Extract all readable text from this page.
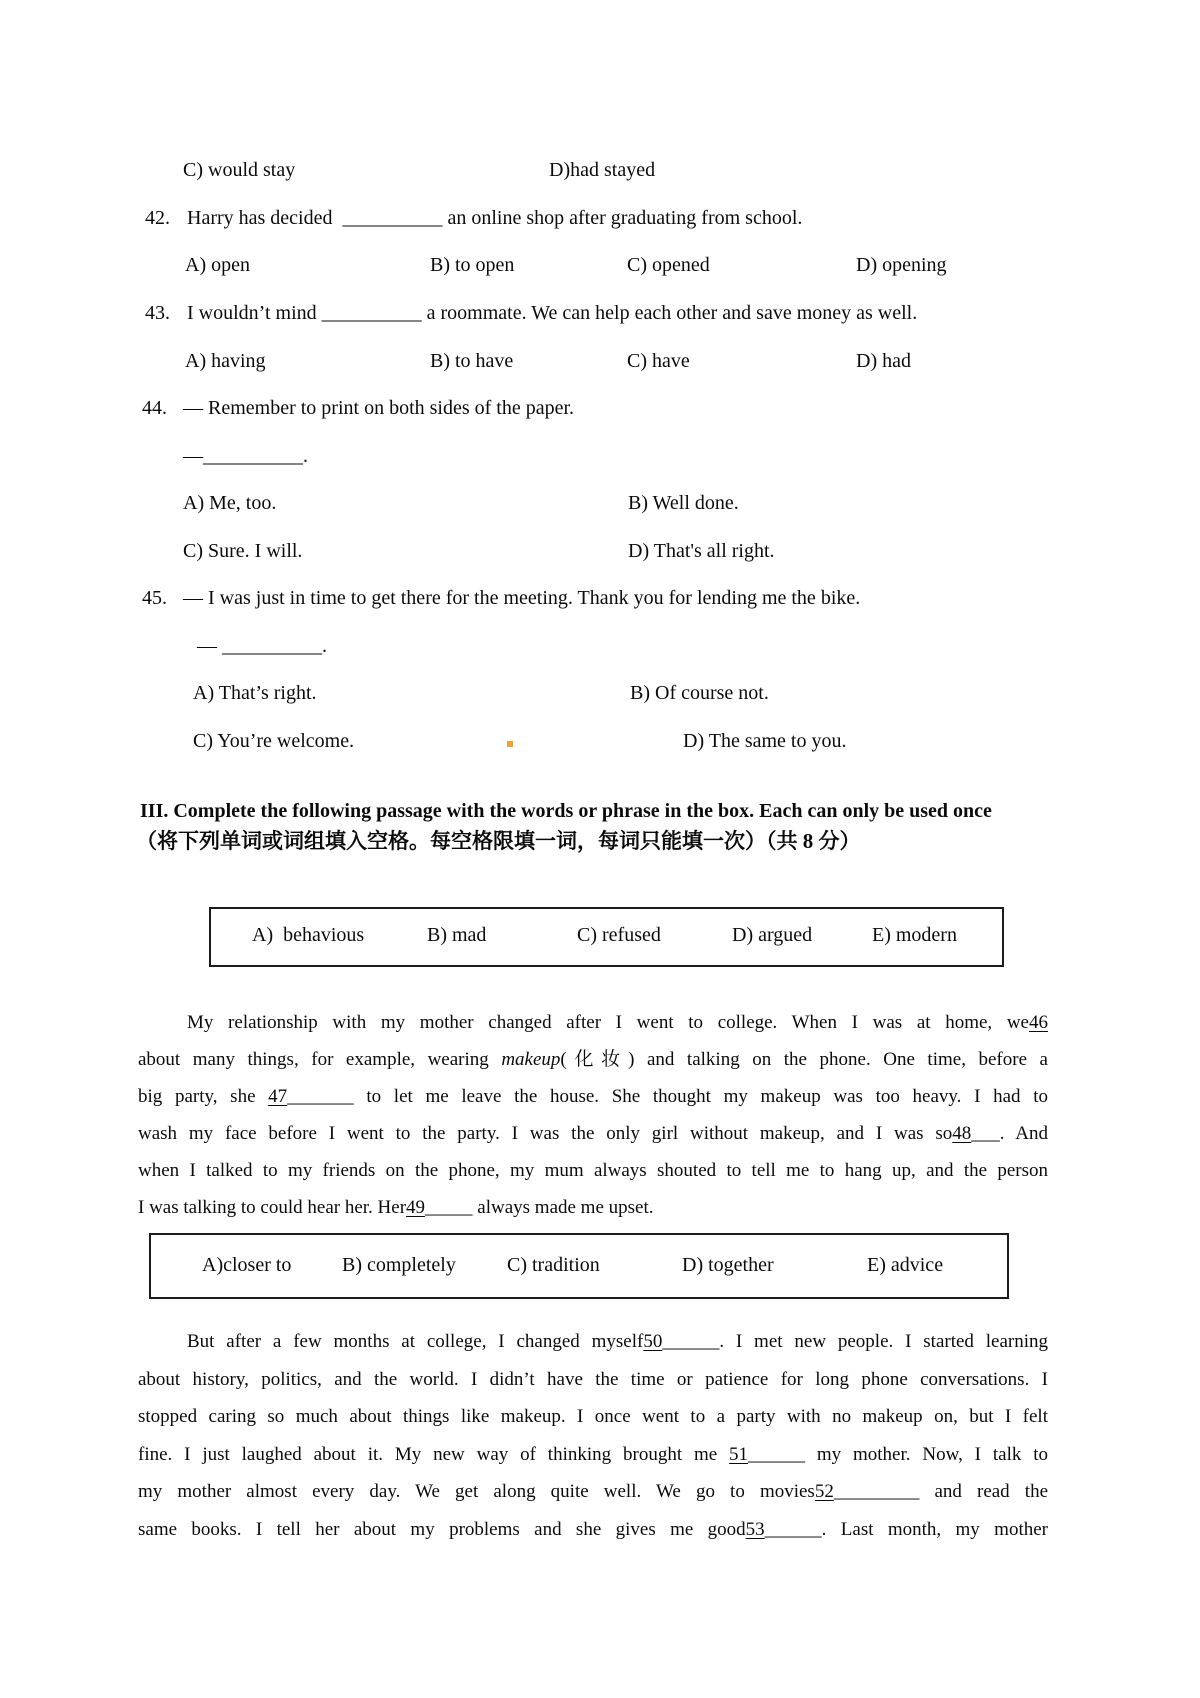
C) would stay	D)had stayed
42. Harry has decided  __________ an online shop after graduating from school.
A) open	B) to open	C) opened	D) opening
43. I wouldn’t mind __________ a roommate. We can help each other and save money as well.
A) having	B) to have	C) have	D) had
44. — Remember to print on both sides of the paper.
—__________.
A) Me, too.	B) Well done.
C) Sure. I will.	D) That's all right.
45. — I was just in time to get there for the meeting. Thank you for lending me the bike.
— __________.
A) That’s right.	B) Of course not.
C) You’re welcome.	D) The same to you.
III. Complete the following passage with the words or phrase in the box. Each can only be used once
（将下列单词或词组填入空格。每空格限填一词，每词只能填一次）（共 8 分）
A)  behavious	B) mad	C) refused	D) argued	E) modern
My relationship with my mother changed after I went to college. When I was at home, we46
about many things, for example, wearing makeup(化妆) and talking on the phone. One time, before a
big party, she 47_______ to let me leave the house. She thought my makeup was too heavy. I had to
wash my face before I went to the party. I was the only girl without makeup, and I was so48___. And
when I talked to my friends on the phone, my mum always shouted to tell me to hang up, and the person
I was talking to could hear her. Her49_____ always made me upset.
A)closer to	B) completely	C) tradition	D) together	E) advice
But after a few months at college, I changed myself50______. I met new people. I started learning
about history, politics, and the world. I didn’t have the time or patience for long phone conversations. I
stopped caring so much about things like makeup. I once went to a party with no makeup on, but I felt
fine. I just laughed about it. My new way of thinking brought me 51______ my mother. Now, I talk to
my mother almost every day. We get along quite well. We go to movies52_________ and read the
same books. I tell her about my problems and she gives me good53______. Last month, my mother
